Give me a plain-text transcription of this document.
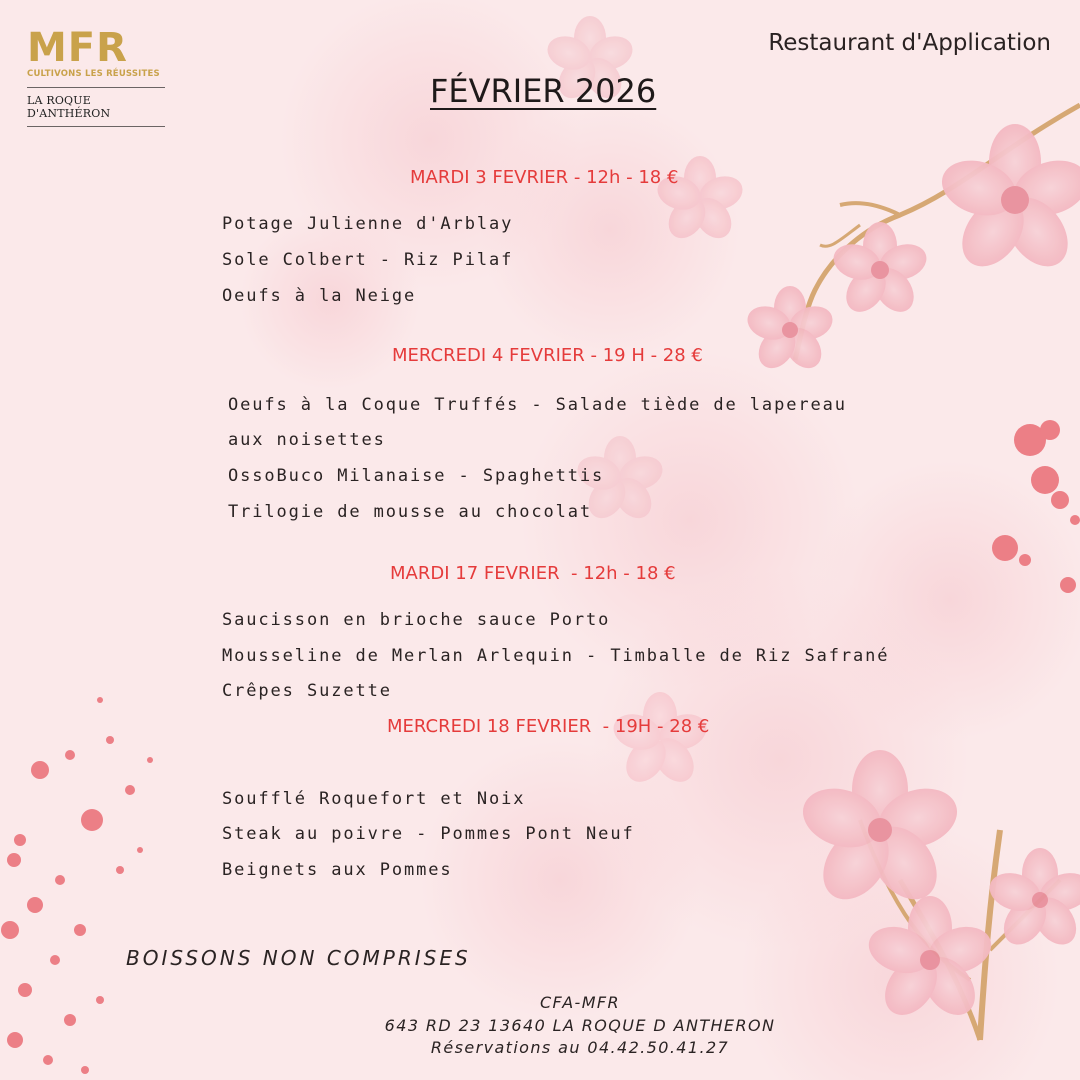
MFR
CULTIVONS LES RÉUSSITES
LA ROQUE D'ANTHÉRON
Restaurant d'Application
FÉVRIER 2026
MARDI 3 FEVRIER - 12h - 18 €
Potage Julienne d'Arblay
Sole Colbert - Riz Pilaf
Oeufs à la Neige
MERCREDI 4 FEVRIER - 19 H - 28 €
Oeufs à la Coque Truffés - Salade tiède de lapereau
aux noisettes
OssoBuco Milanaise - Spaghettis
Trilogie de mousse au chocolat
MARDI 17 FEVRIER  - 12h - 18 €
Saucisson en brioche sauce Porto
Mousseline de Merlan Arlequin - Timballe de Riz Safrané
Crêpes Suzette
MERCREDI 18 FEVRIER  - 19H - 28 €
Soufflé Roquefort et Noix
Steak au poivre - Pommes Pont Neuf
Beignets aux Pommes
BOISSONS NON COMPRISES
CFA-MFR
643 RD 23 13640 LA ROQUE D ANTHERON
Réservations au 04.42.50.41.27
